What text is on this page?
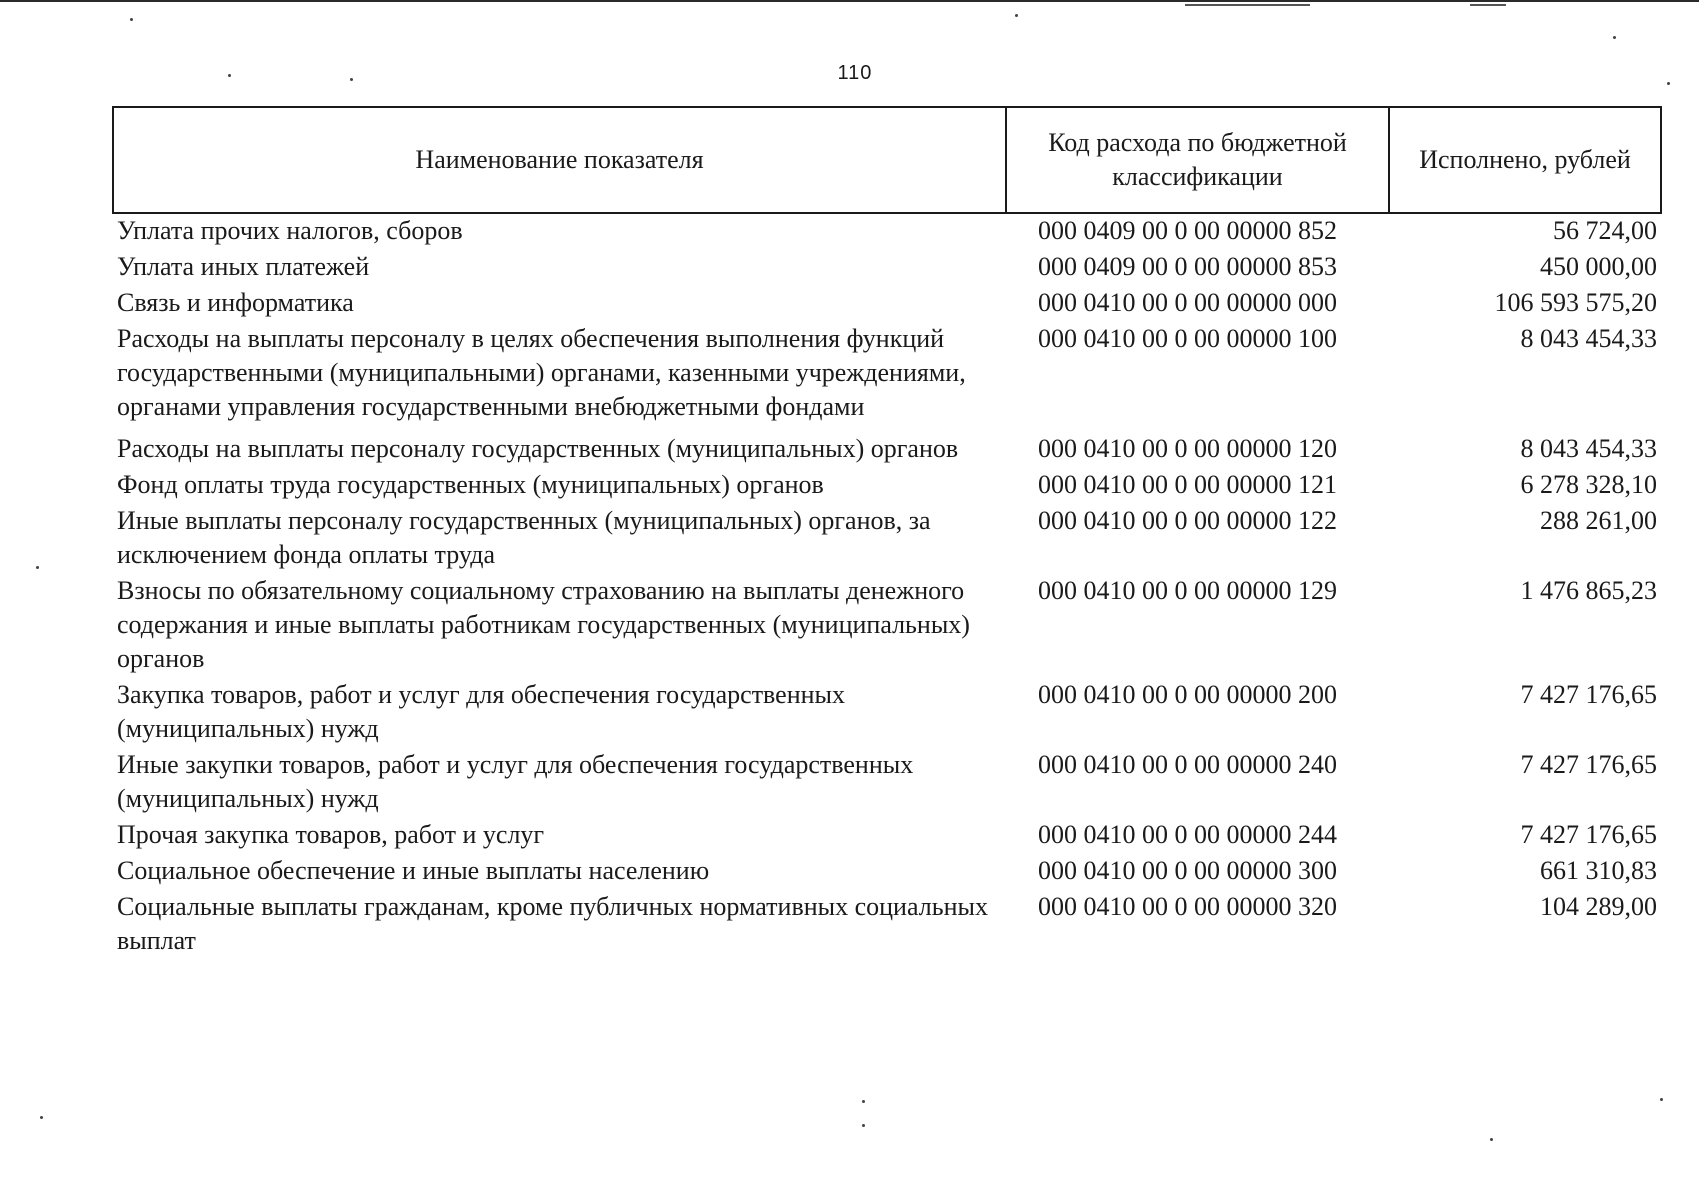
110
Наименование показателя	Код расхода по бюджетной классификации	Исполнено, рублей
Уплата прочих налогов, сборов	000 0409 00 0 00 00000 852	56 724,00
Уплата иных платежей	000 0409 00 0 00 00000 853	450 000,00
Связь и информатика	000 0410 00 0 00 00000 000	106 593 575,20
Расходы на выплаты персоналу в целях обеспечения выполнения функций государственными (муниципальными) органами, казенными учреждениями, органами управления государственными внебюджетными фондами	000 0410 00 0 00 00000 100	8 043 454,33
Расходы на выплаты персоналу государственных (муниципальных) органов	000 0410 00 0 00 00000 120	8 043 454,33
Фонд оплаты труда государственных (муниципальных) органов	000 0410 00 0 00 00000 121	6 278 328,10
Иные выплаты персоналу государственных (муниципальных) органов, за исключением фонда оплаты труда	000 0410 00 0 00 00000 122	288 261,00
Взносы по обязательному социальному страхованию на выплаты денежного содержания и иные выплаты работникам государственных (муниципальных) органов	000 0410 00 0 00 00000 129	1 476 865,23
Закупка товаров, работ и услуг для обеспечения государственных (муниципальных) нужд	000 0410 00 0 00 00000 200	7 427 176,65
Иные закупки товаров, работ и услуг для обеспечения государственных (муниципальных) нужд	000 0410 00 0 00 00000 240	7 427 176,65
Прочая закупка товаров, работ и услуг	000 0410 00 0 00 00000 244	7 427 176,65
Социальное обеспечение и иные выплаты населению	000 0410 00 0 00 00000 300	661 310,83
Социальные выплаты гражданам, кроме публичных нормативных социальных выплат	000 0410 00 0 00 00000 320	104 289,00
